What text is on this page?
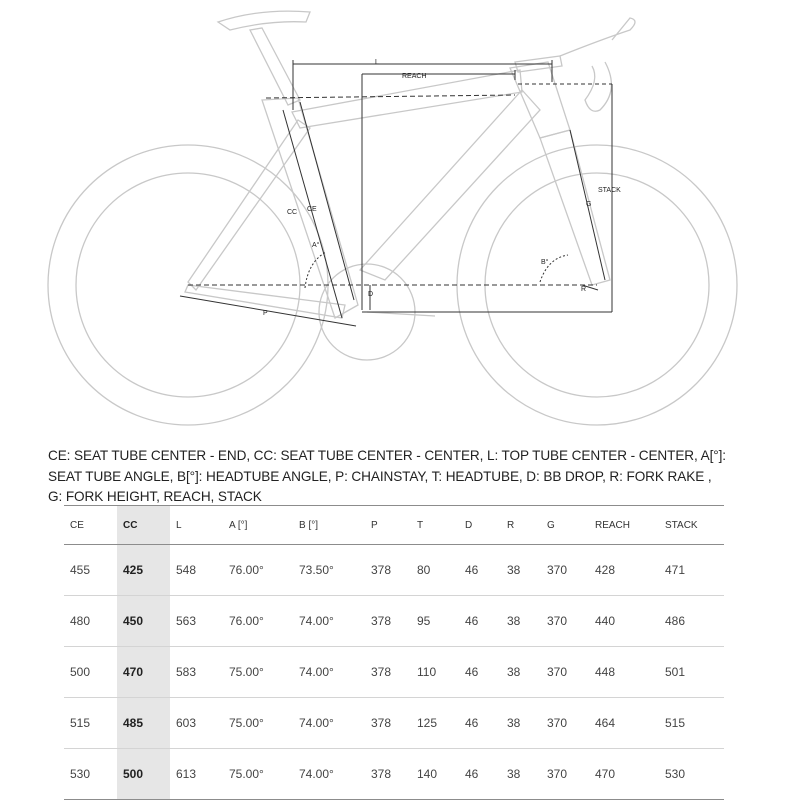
L
REACH
STACK
CC CE
A°
B°
G
P
D
R
CE: SEAT TUBE CENTER - END, CC: SEAT TUBE CENTER - CENTER, L: TOP TUBE CENTER - CENTER, A[°]: SEAT TUBE ANGLE, B[°]: HEADTUBE ANGLE, P: CHAINSTAY, T: HEADTUBE, D: BB DROP, R: FORK RAKE , G: FORK HEIGHT, REACH, STACK
CE	CC	L	A [°]	B [°]	P	T	D	R	G	REACH	STACK
455	425	548	76.00°	73.50°	378	80	46	38	370	428	471
480	450	563	76.00°	74.00°	378	95	46	38	370	440	486
500	470	583	75.00°	74.00°	378	110	46	38	370	448	501
515	485	603	75.00°	74.00°	378	125	46	38	370	464	515
530	500	613	75.00°	74.00°	378	140	46	38	370	470	530
